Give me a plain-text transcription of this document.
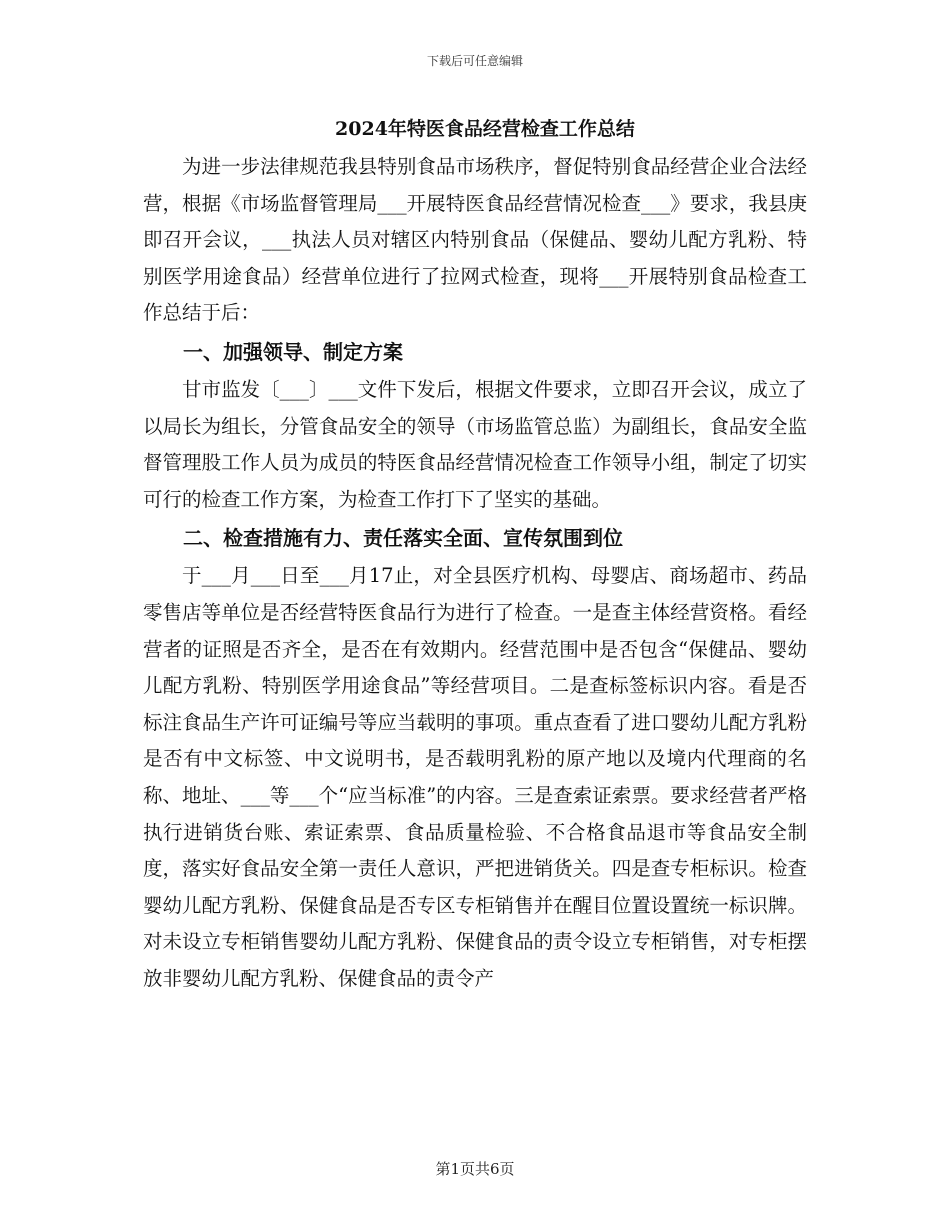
下载后可任意编辑
2024年特医食品经营检查工作总结

为进一步法律规范我县特别食品市场秩序，督促特别食品经营企业合法经营，根据《市场监督管理局___开展特医食品经营情况检查___》要求，我县庚即召开会议，___执法人员对辖区内特别食品（保健品、婴幼儿配方乳粉、特别医学用途食品）经营单位进行了拉网式检查，现将___开展特别食品检查工作总结于后：

一、加强领导、制定方案

甘市监发〔___〕___文件下发后，根据文件要求，立即召开会议，成立了以局长为组长，分管食品安全的领导（市场监管总监）为副组长，食品安全监督管理股工作人员为成员的特医食品经营情况检查工作领导小组，制定了切实可行的检查工作方案，为检查工作打下了坚实的基础。

二、检查措施有力、责任落实全面、宣传氛围到位

于___月___日至___月17止，对全县医疗机构、母婴店、商场超市、药品零售店等单位是否经营特医食品行为进行了检查。一是查主体经营资格。看经营者的证照是否齐全，是否在有效期内。经营范围中是否包含“保健品、婴幼儿配方乳粉、特别医学用途食品”等经营项目。二是查标签标识内容。看是否标注食品生产许可证编号等应当载明的事项。重点查看了进口婴幼儿配方乳粉是否有中文标签、中文说明书，是否载明乳粉的原产地以及境内代理商的名称、地址、___等___个“应当标准”的内容。三是查索证索票。要求经营者严格执行进销货台账、索证索票、食品质量检验、不合格食品退市等食品安全制度，落实好食品安全第一责任人意识，严把进销货关。四是查专柜标识。检查婴幼儿配方乳粉、保健食品是否专区专柜销售并在醒目位置设置统一标识牌。对未设立专柜销售婴幼儿配方乳粉、保健食品的责令设立专柜销售，对专柜摆放非婴幼儿配方乳粉、保健食品的责令产

第1页共6页
